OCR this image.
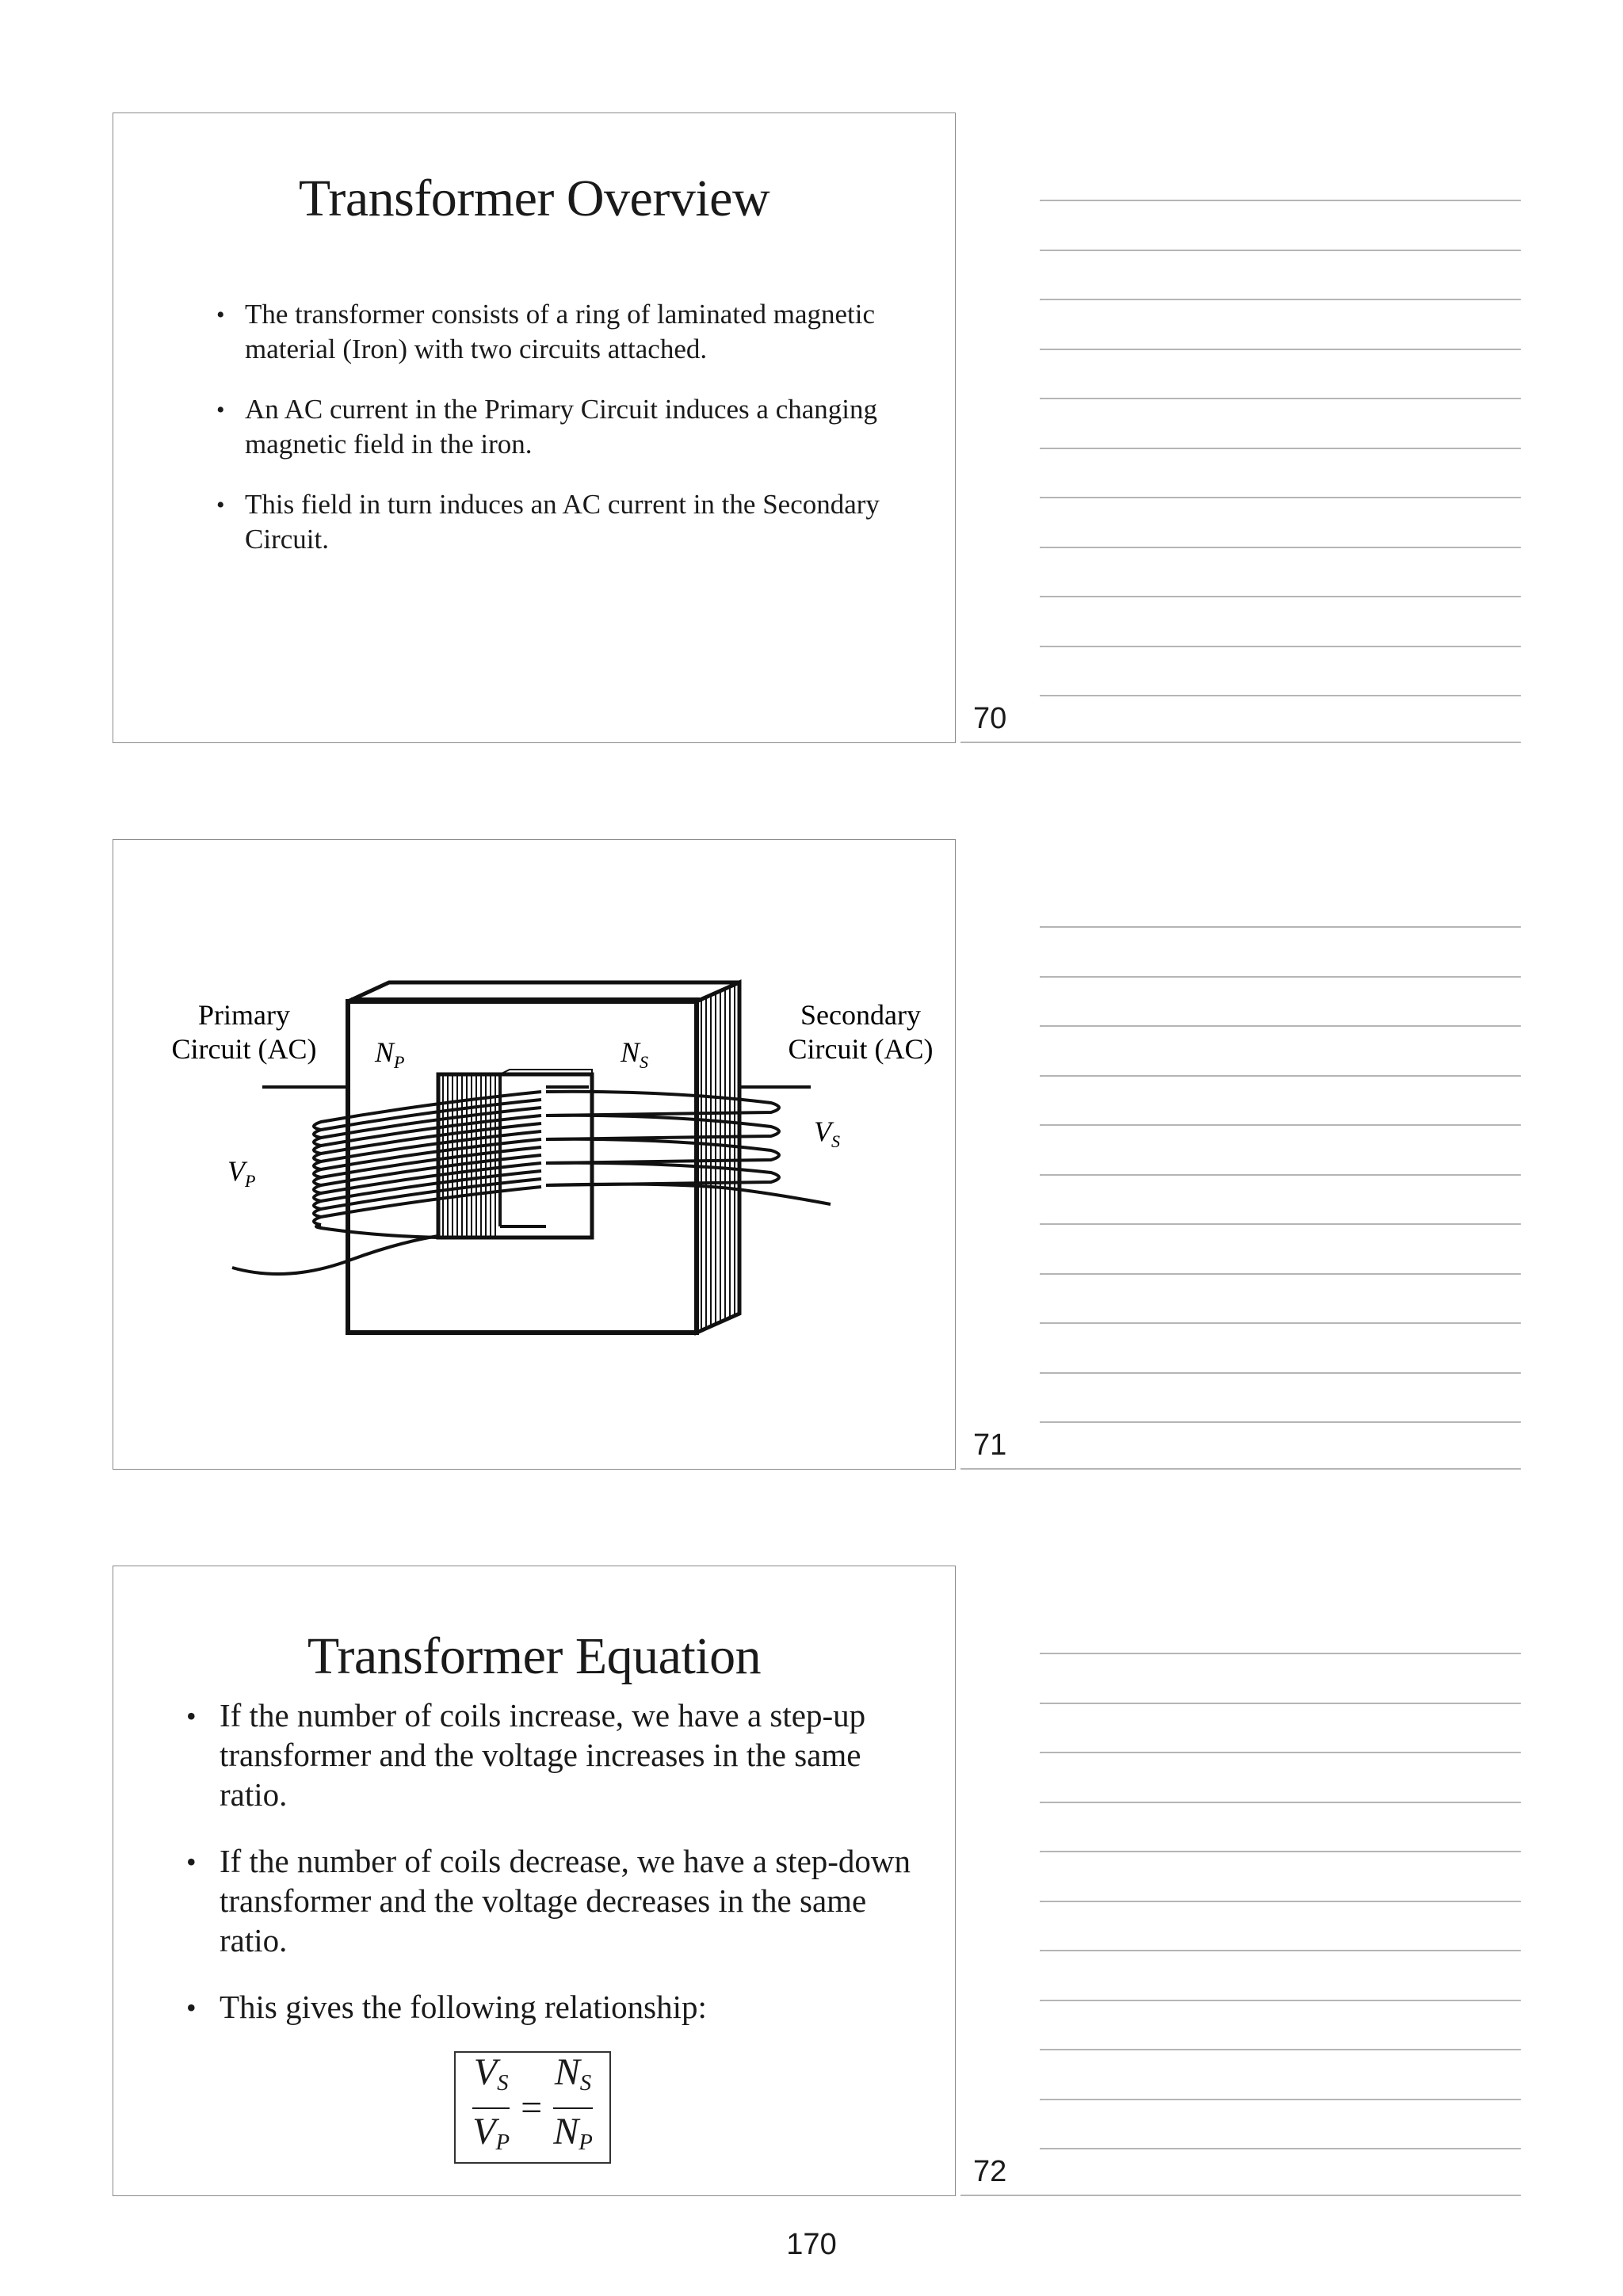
Transformer Overview
• The transformer consists of a ring of laminated magnetic material (Iron) with two circuits attached.
• An AC current in the Primary Circuit induces a changing magnetic field in the iron.
• This field in turn induces an AC current in the Secondary Circuit.
70
Primary
Circuit (AC)
Secondary
Circuit (AC)
$N_P$	$N_S$
$V_P$
$V_S$
71
Transformer Equation
• If the number of coils increase, we have a step-up transformer and the voltage increases in the same ratio.
• If the number of coils decrease, we have a step-down transformer and the voltage decreases in the same ratio.
• This gives the following relationship:
$\frac{V_S}{V_P} = \frac{N_S}{N_P}$
72
170
